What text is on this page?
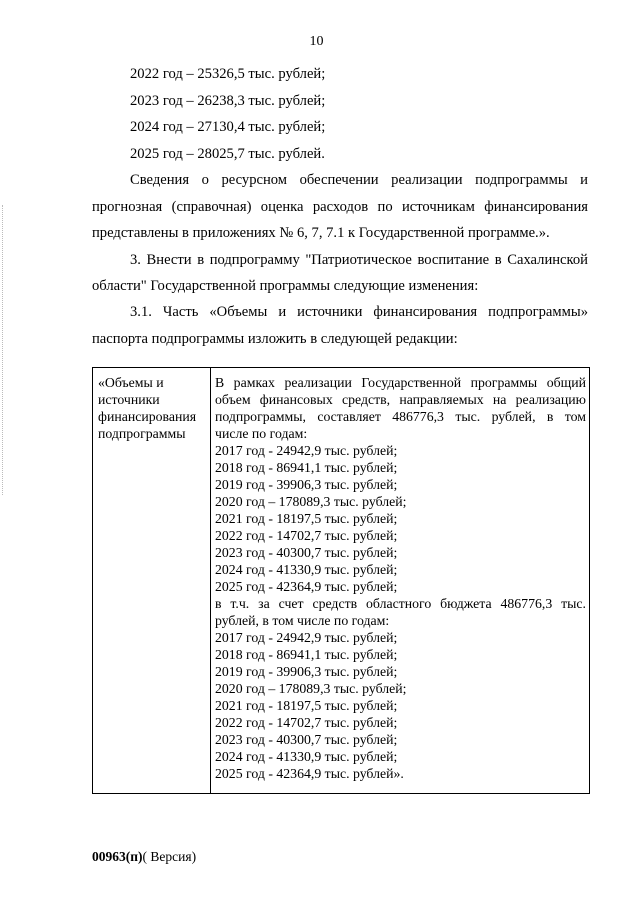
10
2022 год – 25326,5 тыс. рублей;
2023 год – 26238,3 тыс. рублей;
2024 год – 27130,4 тыс. рублей;
2025 год – 28025,7 тыс. рублей.
Сведения о ресурсном обеспечении реализации подпрограммы и
прогнозная (справочная) оценка расходов по источникам финансирования
представлены в приложениях № 6, 7, 7.1 к Государственной программе.».
3. Внести в подпрограмму "Патриотическое воспитание в Сахалинской
области" Государственной программы следующие изменения:
3.1. Часть «Объемы и источники финансирования подпрограммы»
паспорта подпрограммы изложить в следующей редакции:
«Объемы и
источники
финансирования
подпрограммы
В рамках реализации Государственной программы общий
объем финансовых средств, направляемых на реализацию
подпрограммы, составляет 486776,3 тыс. рублей, в том
числе по годам:
2017 год - 24942,9 тыс. рублей;
2018 год - 86941,1 тыс. рублей;
2019 год - 39906,3 тыс. рублей;
2020 год – 178089,3 тыс. рублей;
2021 год - 18197,5 тыс. рублей;
2022 год - 14702,7 тыс. рублей;
2023 год - 40300,7 тыс. рублей;
2024 год - 41330,9 тыс. рублей;
2025 год - 42364,9 тыс. рублей;
в т.ч. за счет средств областного бюджета 486776,3 тыс.
рублей, в том числе по годам:
2017 год - 24942,9 тыс. рублей;
2018 год - 86941,1 тыс. рублей;
2019 год - 39906,3 тыс. рублей;
2020 год – 178089,3 тыс. рублей;
2021 год - 18197,5 тыс. рублей;
2022 год - 14702,7 тыс. рублей;
2023 год - 40300,7 тыс. рублей;
2024 год - 41330,9 тыс. рублей;
2025 год - 42364,9 тыс. рублей».
00963(п)( Версия)
